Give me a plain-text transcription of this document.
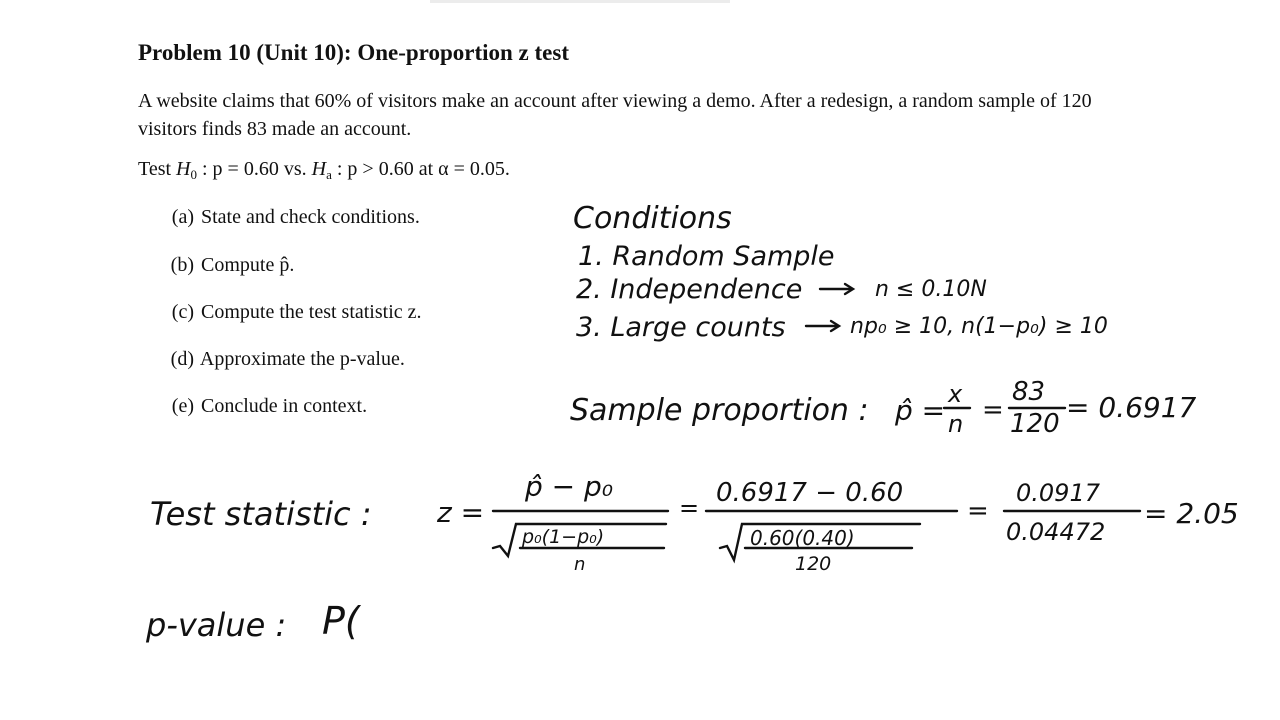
Problem 10 (Unit 10): One-proportion z test
A website claims that 60% of visitors make an account after viewing a demo. After a redesign, a random sample of 120 visitors finds 83 made an account.
Test $H_0$ : p = 0.60 vs. $H_a$ : p > 0.60 at α = 0.05.
(a) State and check conditions.
(b) Compute p̂.
(c) Compute the test statistic z.
(d) Approximate the p-value.
(e) Conclude in context.
Conditions
1. Random Sample
2. Independence	n ≤ 0.10N
3. Large counts	np₀ ≥ 10, n(1−p₀) ≥ 10
Sample proportion : p̂ = x
n =
83
120 = 0.6917
Test statistic : z =
p̂ − p₀
p₀(1−p₀)
n
= 0.6917 − 0.60
0.60(0.40)
120
=
0.0917
0.04472
= 2.05
p-value : P(
